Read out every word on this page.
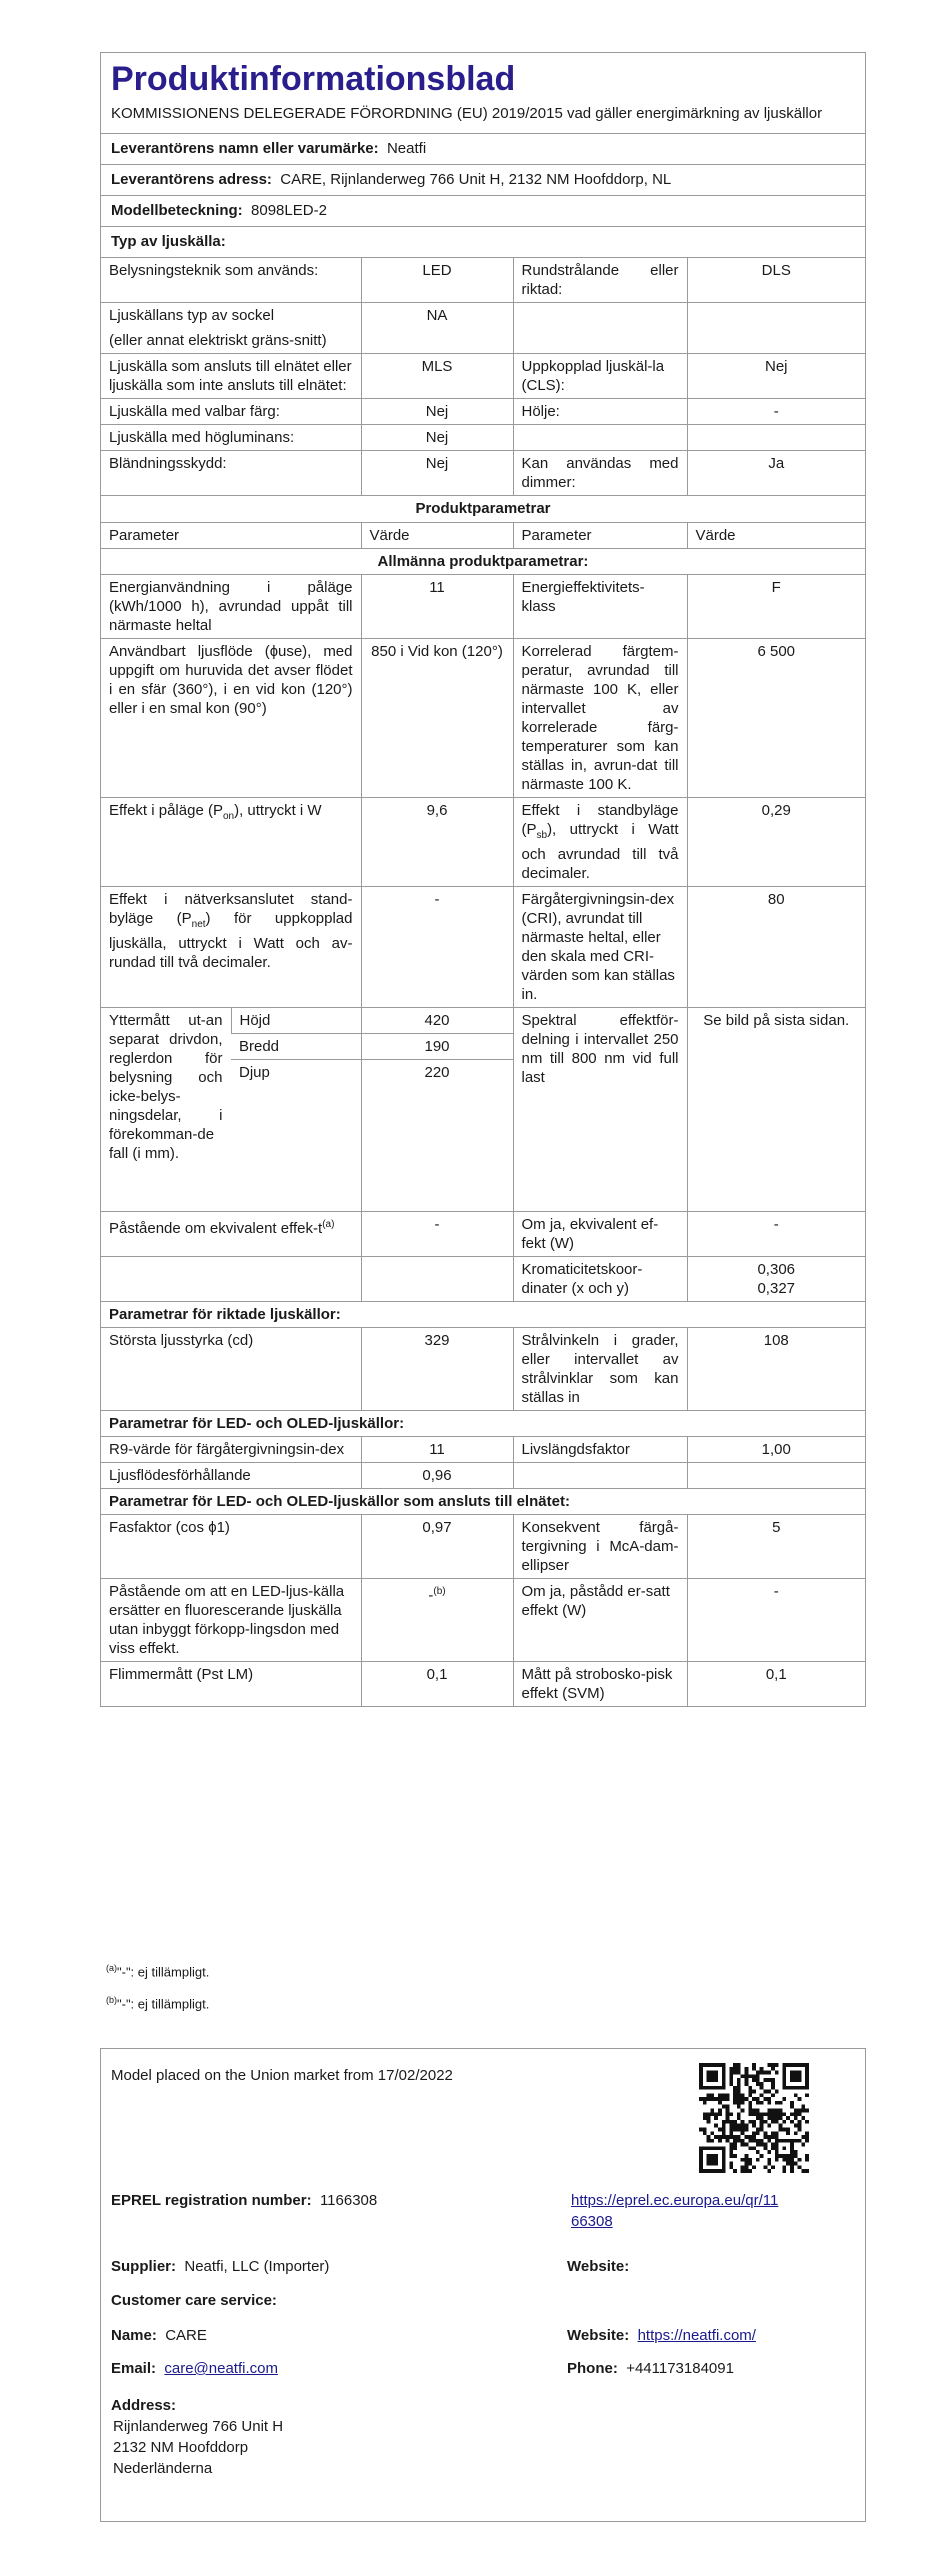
Produktinformationsblad
KOMMISSIONENS DELEGERADE FÖRORDNING (EU) 2019/2015 vad gäller energimärkning av ljuskällor
Leverantörens namn eller varumärke: Neatfi
Leverantörens adress: CARE, Rijnlanderweg 766 Unit H, 2132 NM Hoofddorp, NL
Modellbeteckning: 8098LED-2
Typ av ljuskälla:
Belysningsteknik som används:	LED	Rundstrålande eller riktad:	DLS

Ljuskällans typ av sockel
(eller annat elektriskt gräns-snitt)	NA		
Ljuskälla som ansluts till elnätet eller ljuskälla som inte ansluts till elnätet:	MLS	Uppkopplad ljuskäl-la (CLS):	Nej
Ljuskälla med valbar färg:	Nej	Hölje:	-
Ljuskälla med högluminans:	Nej		
Bländningsskydd:	Nej	Kan användas med dimmer:	Ja
Produktparametrar
Parameter		Värde	Parameter	Värde
Allmänna produktparametrar:				
Energianvändning i påläge (kWh/1000 h), avrundad uppåt till närmaste heltal		11	Energieffektivitets-klass	F
Användbart ljusflöde (ɸuse), med uppgift om huruvida det avser flödet i en sfär (360°), i en vid kon (120°) eller i en smal kon (90°)		850 i Vid kon (120°)	Korrelerad färgtem-peratur, avrundad till närmaste 100 K, eller intervallet av korrelerade färg-temperaturer som kan ställas in, avrun-dat till närmaste 100 K.	6 500
Effekt i påläge $(P_{on})$, uttryckt i W		9,6	Effekt i standbyläge $(P_{sb})$, uttryckt i Watt och avrundad till två decimaler.	0,29
Effekt i nätverksanslutet stand-byläge $(P_{net})$ för uppkopplad ljuskälla, uttryckt i Watt och av-rundad till två decimaler.		-	Färgåtergivningsin-dex (CRI), avrundat till närmaste heltal, eller den skala med CRI-värden som kan ställas in.	80
Yttermått ut-an separat drivdon, reglerdon för belysning och icke-belys-ningsdelar, i förekomman-de fall (i mm).	Höjd	420	Spektral effektför-delning i intervallet 250 nm till 800 nm vid full last	Se bild på sista sidan.
	Bredd	190		
	Djup	220		
Påstående om ekvivalent effek-$t^{(a)}$		-	Om ja, ekvivalent ef-fekt (W)	-
			Kromaticitetskoor-dinater (x och y)	0,306
0,327

Parametrar för riktade ljuskällor:				
Största ljusstyrka (cd)		329	Strålvinkeln i grader, eller intervallet av strålvinklar som kan ställas in	108
Parametrar för LED- och OLED-ljuskällor:				
R9-värde för färgåtergivningsin-dex		11	Livslängdsfaktor	1,00
Ljusflödesförhållande		0,96		
Parametrar för LED- och OLED-ljuskällor som ansluts till elnätet:				
Fasfaktor (cos ϕ1)		0,97	Konsekvent färgå-tergivning i McA-dam-ellipser	5
Påstående om att en LED-ljus-källa ersätter en fluorescerande ljuskälla utan inbyggt förkopp-lingsdon med viss effekt.		-$^{(b)}$	Om ja, påstådd er-satt effekt (W)	-
Flimmermått (Pst LM)		0,1	Mått på strobosko-pisk effekt (SVM)	0,1
$^{(a)}$"-": ej tillämpligt.
$^{(b)}$"-": ej tillämpligt.
Model placed on the Union market from 17/02/2022
EPREL registration number: 1166308	https://eprel.ec.europa.eu/qr/11
66308
Supplier: Neatfi, LLC (Importer)	Website:
Customer care service:
Name: CARE	Website: https://neatfi.com/
Email: care@neatfi.com	Phone: +441173184091
Address:
Rijnlanderweg 766 Unit H
2132 NM Hoofddorp
Nederländerna
